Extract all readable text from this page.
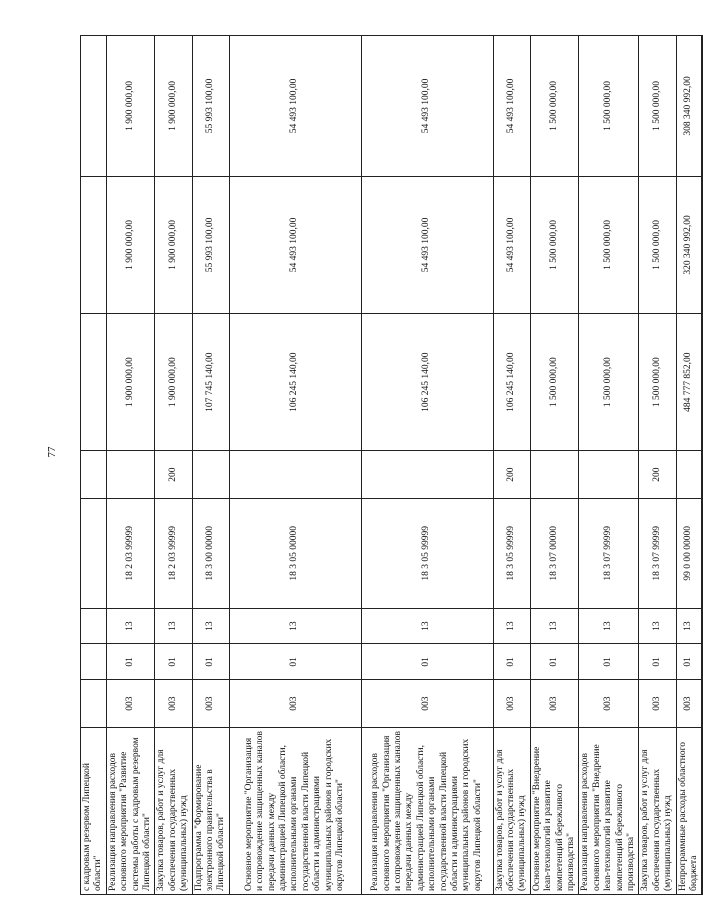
77
с кадровым резервом Липецкой области"								
Реализация направления расходов основного мероприятия "Развитие системы работы с кадровым резервом Липецкой области"	003	01	13	18 2 03 99999		1 900 000,00	1 900 000,00	1 900 000,00
Закупка товаров, работ и услуг для обеспечения государственных (муниципальных) нужд	003	01	13	18 2 03 99999	200	1 900 000,00	1 900 000,00	1 900 000,00
Подпрограмма "Формирование электронного правительства в Липецкой области"	003	01	13	18 3 00 00000		107 745 140,00	55 993 100,00	55 993 100,00
Основное мероприятие "Организация и сопровождение защищенных каналов передачи данных между администрацией Липецкой области, исполнительными органами государственной власти Липецкой области и администрациями муниципальных районов и городских округов Липецкой области"	003	01	13	18 3 05 00000		106 245 140,00	54 493 100,00	54 493 100,00
Реализация направления расходов основного мероприятия "Организация и сопровождение защищенных каналов передачи данных между администрацией Липецкой области, исполнительными органами государственной власти Липецкой области и администрациями муниципальных районов и городских округов Липецкой области"	003	01	13	18 3 05 99999		106 245 140,00	54 493 100,00	54 493 100,00
Закупка товаров, работ и услуг для обеспечения государственных (муниципальных) нужд	003	01	13	18 3 05 99999	200	106 245 140,00	54 493 100,00	54 493 100,00
Основное мероприятие "Внедрение lean-технологий и развитие компетенций бережливого производства"	003	01	13	18 3 07 00000		1 500 000,00	1 500 000,00	1 500 000,00
Реализация направления расходов основного мероприятия "Внедрение lean-технологий и развитие компетенций бережливого производства"	003	01	13	18 3 07 99999		1 500 000,00	1 500 000,00	1 500 000,00
Закупка товаров, работ и услуг для обеспечения государственных (муниципальных) нужд	003	01	13	18 3 07 99999	200	1 500 000,00	1 500 000,00	1 500 000,00
Непрограммные расходы областного бюджета	003	01	13	99 0 00 00000		484 777 852,00	320 340 992,00	308 340 992,00
